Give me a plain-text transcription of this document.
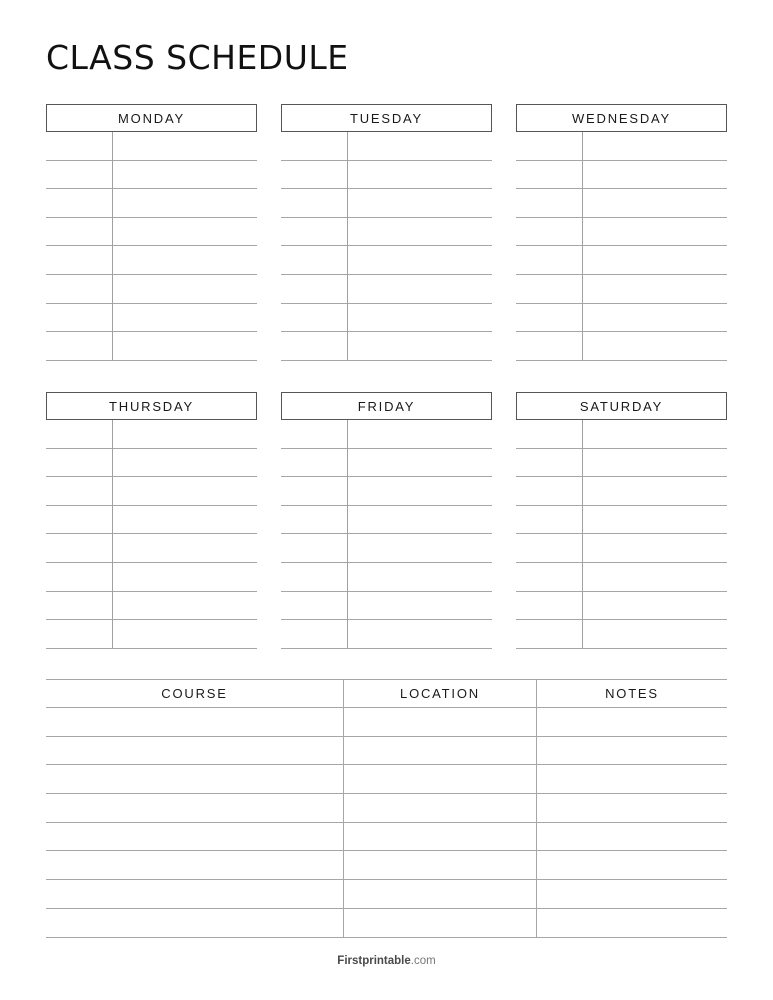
CLASS SCHEDULE
MONDAY	TUESDAY	WEDNESDAY
THURSDAY	FRIDAY	SATURDAY
COURSE	LOCATION	NOTES
Firstprintable.com
